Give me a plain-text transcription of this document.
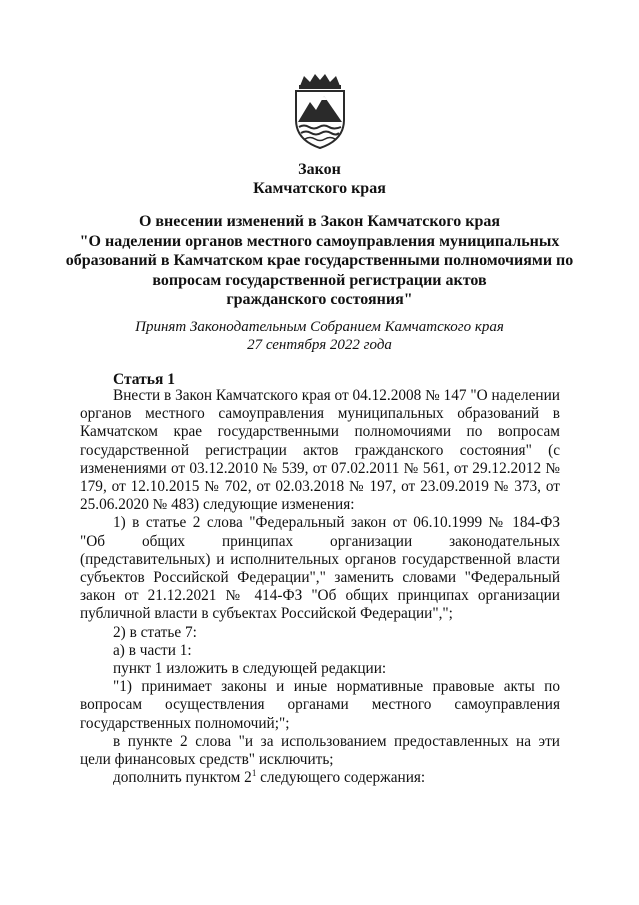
Закон
Камчатского края
О внесении изменений в Закон Камчатского края
"О наделении органов местного самоуправления муниципальных
образований в Камчатском крае государственными полномочиями по
вопросам государственной регистрации актов
гражданского состояния"
Принят Законодательным Собранием Камчатского края
27 сентября 2022 года
Статья 1

Внести в Закон Камчатского края от 04.12.2008 № 147 "О наделении органов местного самоуправления муниципальных образований в Камчатском крае государственными полномочиями по вопросам государственной регистрации актов гражданского состояния" (с изменениями от 03.12.2010 № 539, от 07.02.2011 № 561, от 29.12.2012 № 179, от 12.10.2015 № 702, от 02.03.2018 № 197, от 23.09.2019 № 373, от 25.06.2020 № 483) следующие изменения:

1) в статье 2 слова "Федеральный закон от 06.10.1999 № 184-ФЗ "Об общих принципах организации законодательных (представительных) и исполнительных органов государственной власти субъектов Российской Федерации"," заменить словами "Федеральный закон от 21.12.2021 № 414-ФЗ "Об общих принципах организации публичной власти в субъектах Российской Федерации",";

2) в статье 7:

а) в части 1:

пункт 1 изложить в следующей редакции:

"1) принимает законы и иные нормативные правовые акты по вопросам осуществления органами местного самоуправления государственных полномочий;";

в пункте 2 слова "и за использованием предоставленных на эти цели финансовых средств" исключить;

дополнить пунктом $2^1$ следующего содержания:
